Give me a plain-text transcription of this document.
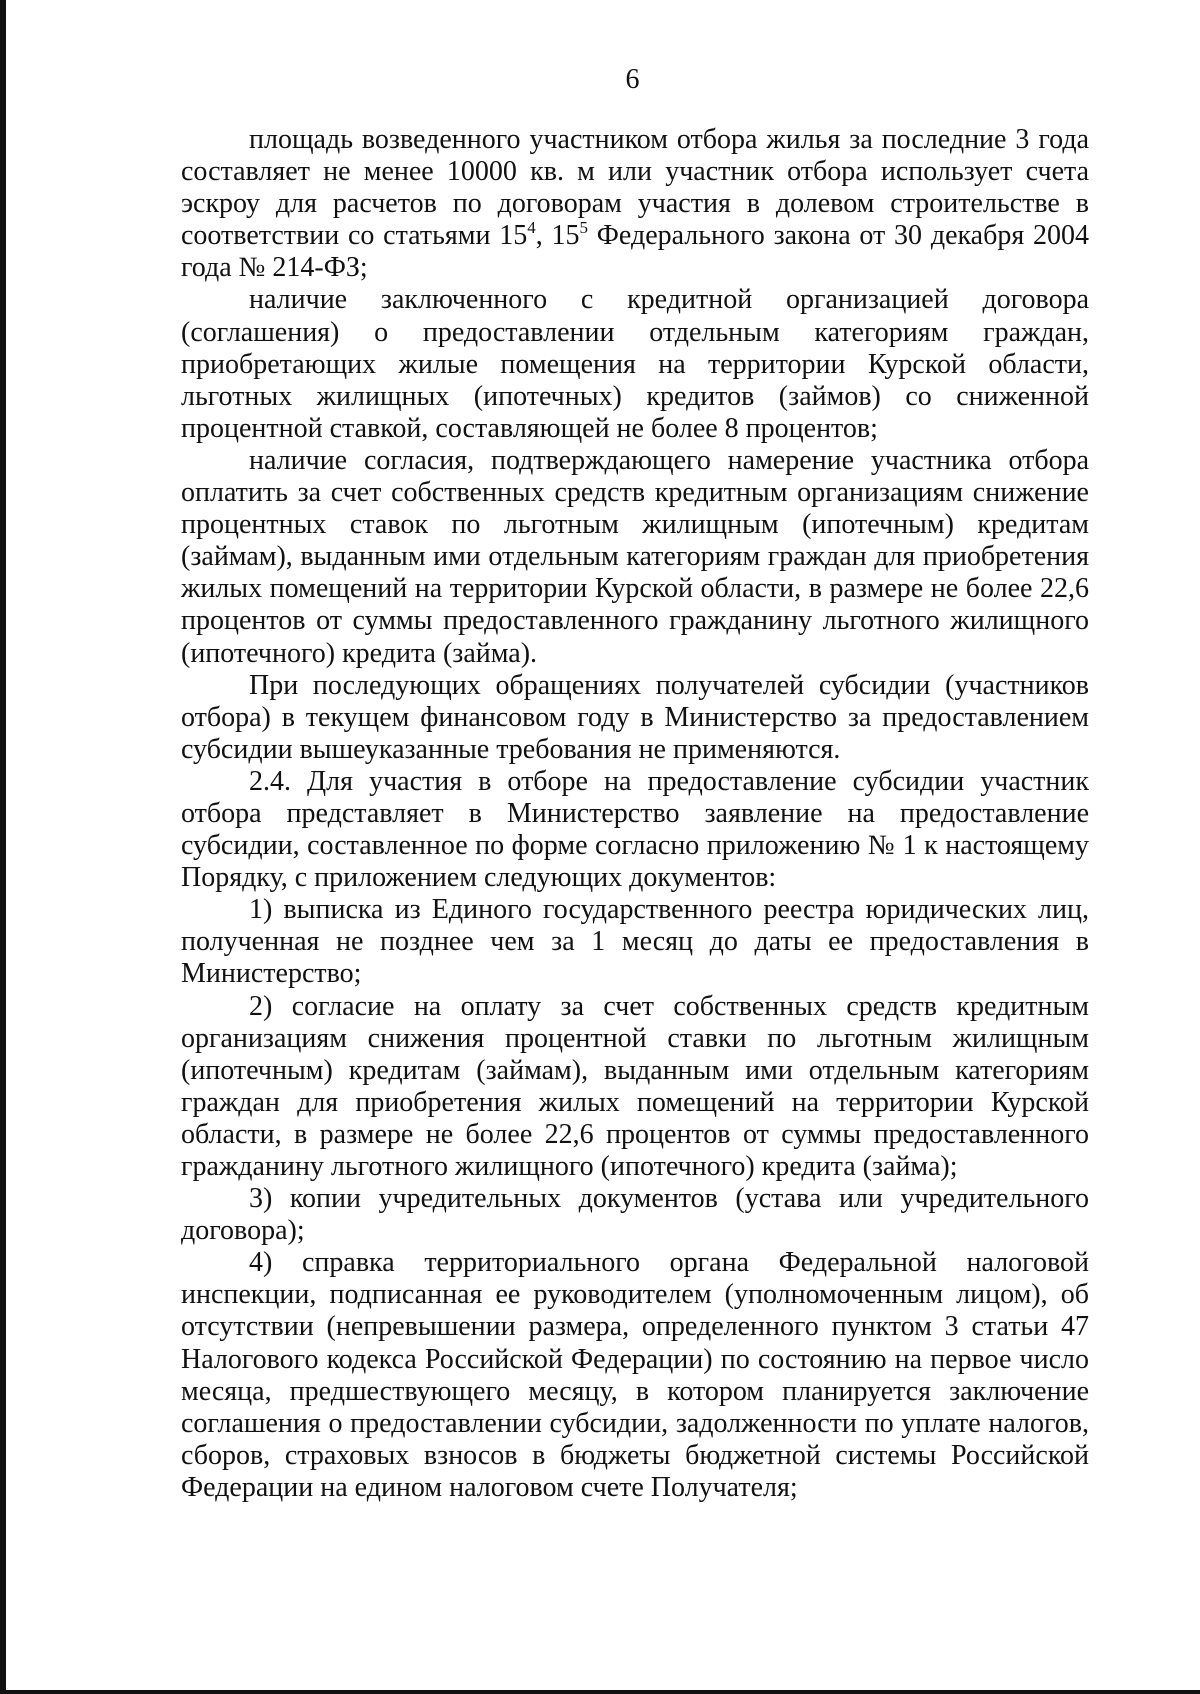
6

площадь возведенного участником отбора жилья за последние 3 года составляет не менее 10000 кв. м или участник отбора использует счета эскроу для расчетов по договорам участия в долевом строительстве в соответствии со статьями $15^4$, $15^5$ Федерального закона от 30 декабря 2004 года № 214-ФЗ;

наличие заключенного с кредитной организацией договора (соглашения) о предоставлении отдельным категориям граждан, приобретающих жилые помещения на территории Курской области, льготных жилищных (ипотечных) кредитов (займов) со сниженной процентной ставкой, составляющей не более 8 процентов;

наличие согласия, подтверждающего намерение участника отбора оплатить за счет собственных средств кредитным организациям снижение процентных ставок по льготным жилищным (ипотечным) кредитам (займам), выданным ими отдельным категориям граждан для приобретения жилых помещений на территории Курской области, в размере не более 22,6 процентов от суммы предоставленного гражданину льготного жилищного (ипотечного) кредита (займа).

При последующих обращениях получателей субсидии (участников отбора) в текущем финансовом году в Министерство за предоставлением субсидии вышеуказанные требования не применяются.

2.4. Для участия в отборе на предоставление субсидии участник отбора представляет в Министерство заявление на предоставление субсидии, составленное по форме согласно приложению № 1 к настоящему Порядку, с приложением следующих документов:

1) выписка из Единого государственного реестра юридических лиц, полученная не позднее чем за 1 месяц до даты ее предоставления в Министерство;

2) согласие на оплату за счет собственных средств кредитным организациям снижения процентной ставки по льготным жилищным (ипотечным) кредитам (займам), выданным ими отдельным категориям граждан для приобретения жилых помещений на территории Курской области, в размере не более 22,6 процентов от суммы предоставленного гражданину льготного жилищного (ипотечного) кредита (займа);

3) копии учредительных документов (устава или учредительного договора);

4) справка территориального органа Федеральной налоговой инспекции, подписанная ее руководителем (уполномоченным лицом), об отсутствии (непревышении размера, определенного пунктом 3 статьи 47 Налогового кодекса Российской Федерации) по состоянию на первое число месяца, предшествующего месяцу, в котором планируется заключение соглашения о предоставлении субсидии, задолженности по уплате налогов, сборов, страховых взносов в бюджеты бюджетной системы Российской Федерации на едином налоговом счете Получателя;
